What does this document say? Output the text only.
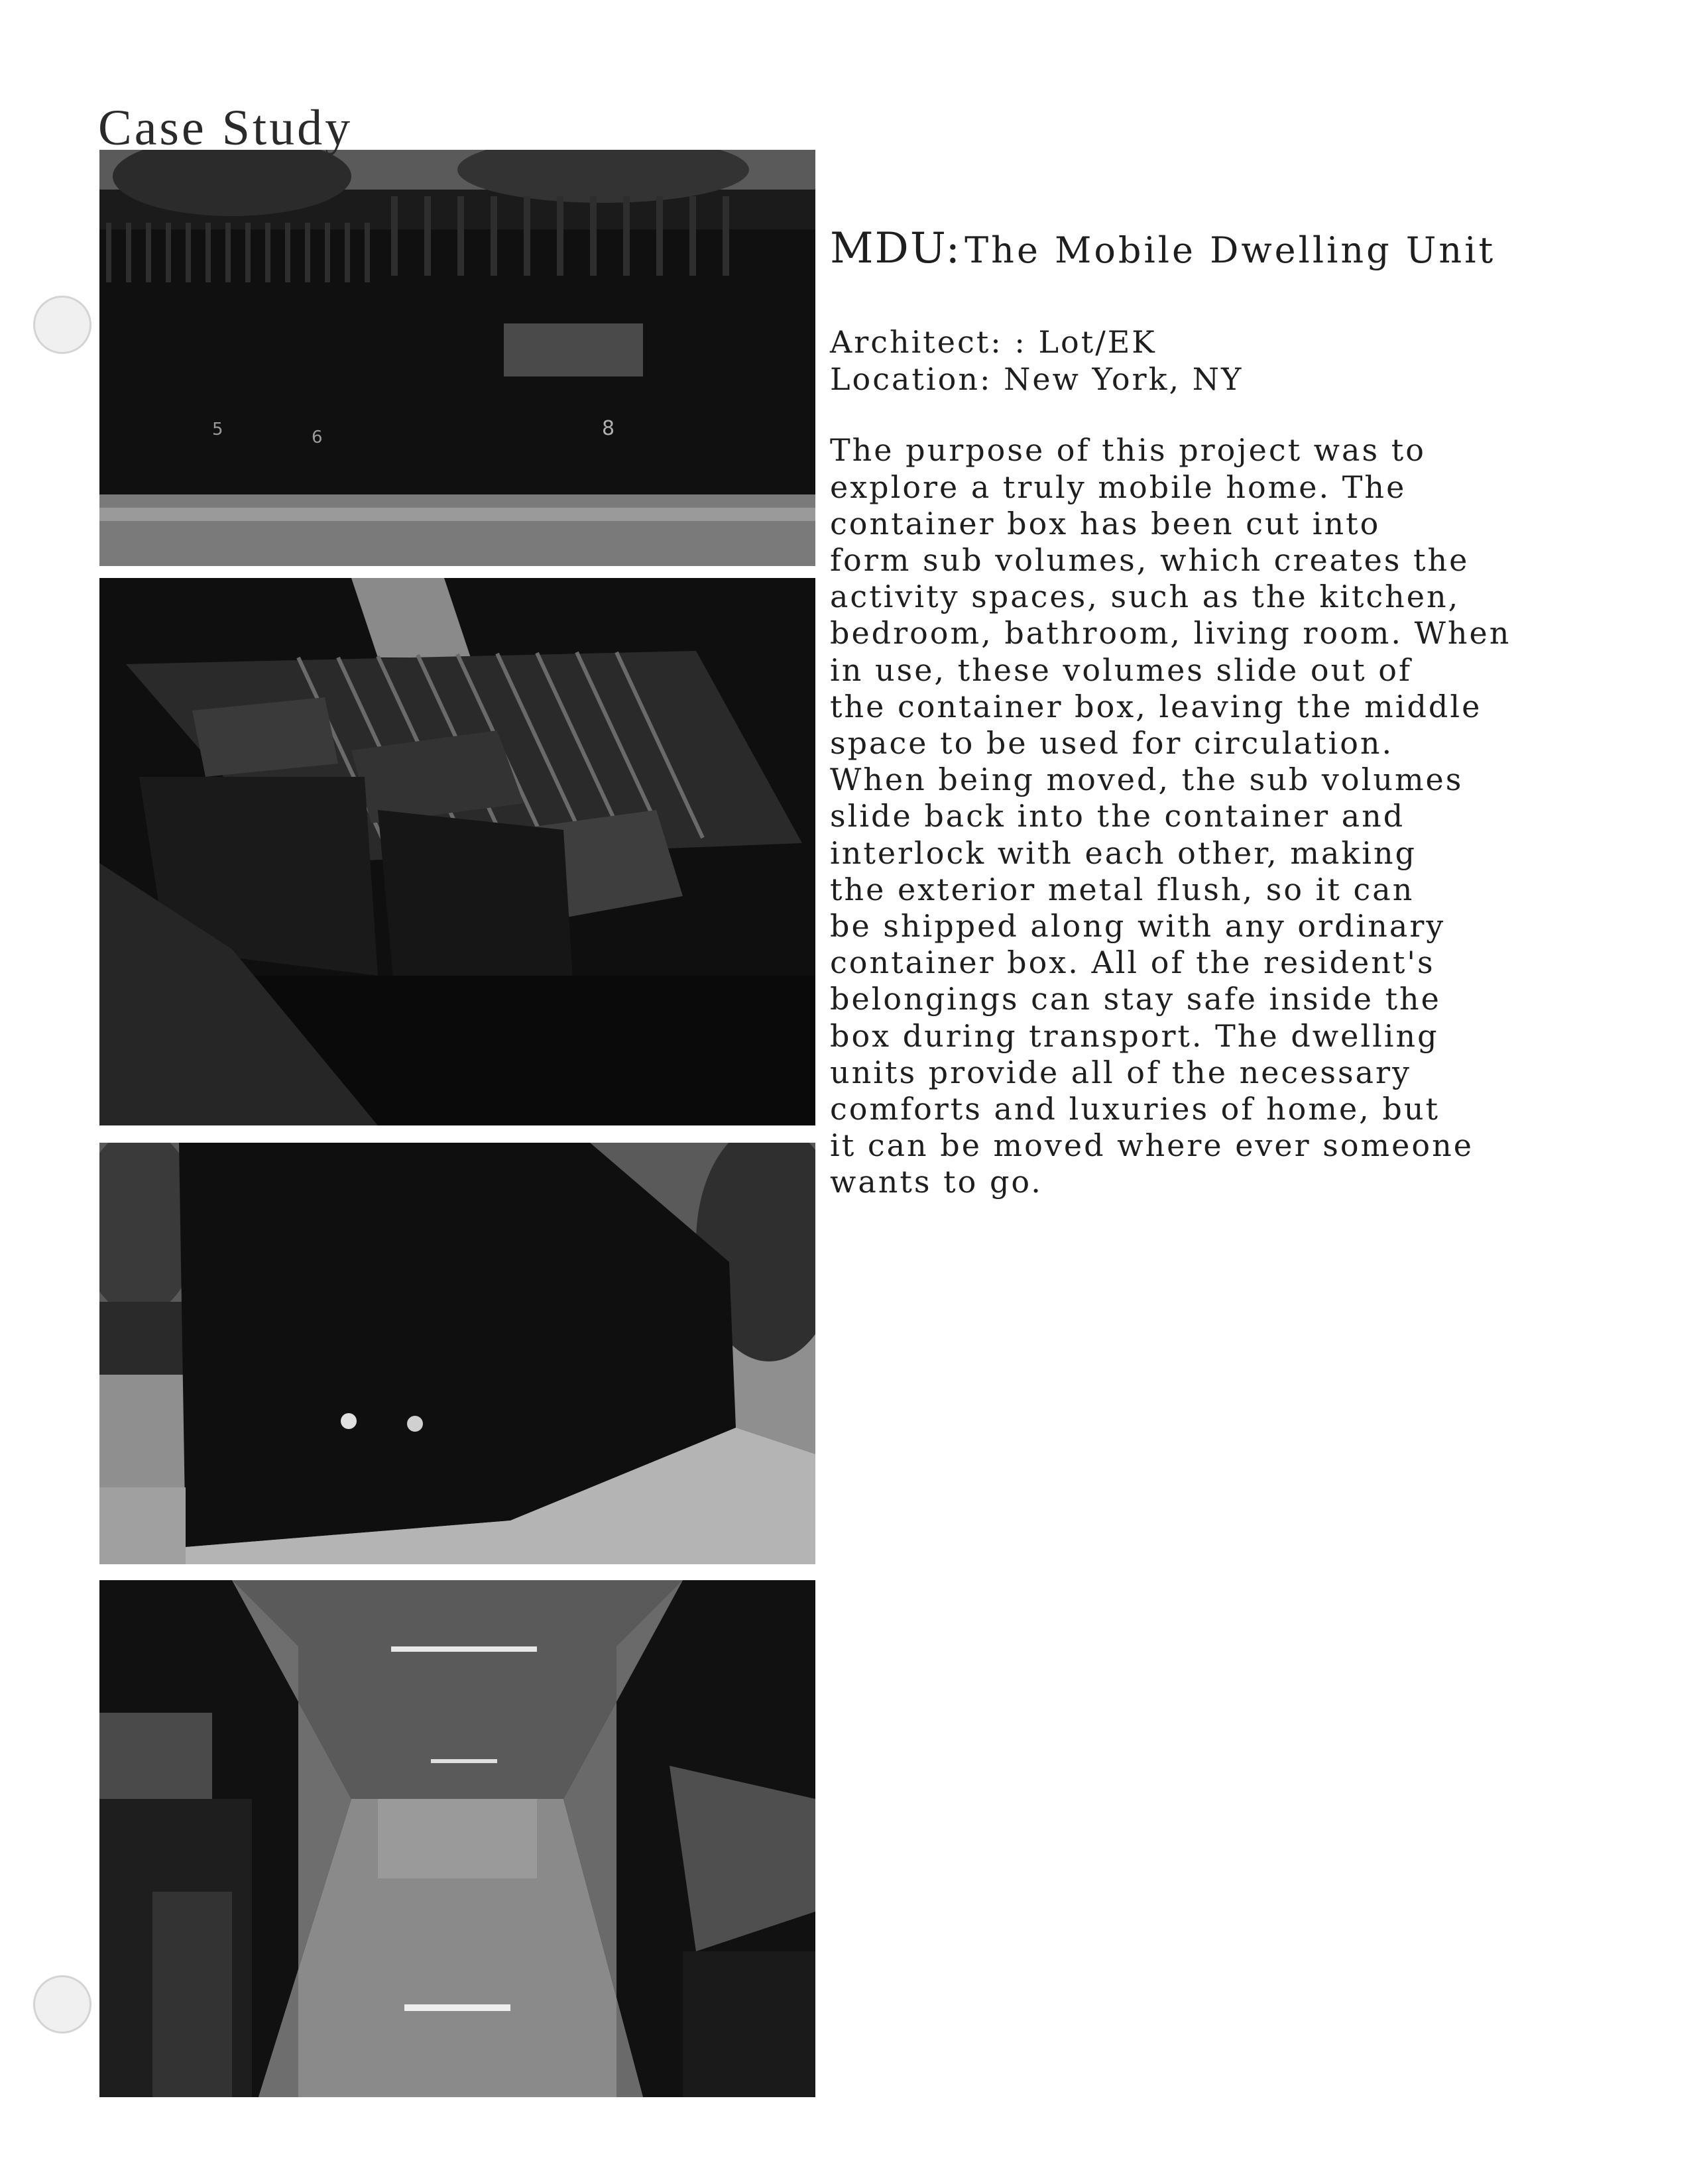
Case Study
5	6	8
MDU: The Mobile Dwelling Unit
Architect: : Lot/EK
Location: New York, NY
The purpose of this project was to
explore a truly mobile home. The
container box has been cut into
form sub volumes, which creates the
activity spaces, such as the kitchen,
bedroom, bathroom, living room. When
in use, these volumes slide out of
the container box, leaving the middle
space to be used for circulation.
When being moved, the sub volumes
slide back into the container and
interlock with each other, making
the exterior metal flush, so it can
be shipped along with any ordinary
container box. All of the resident's
belongings can stay safe inside the
box during transport. The dwelling
units provide all of the necessary
comforts and luxuries of home, but
it can be moved where ever someone
wants to go.
